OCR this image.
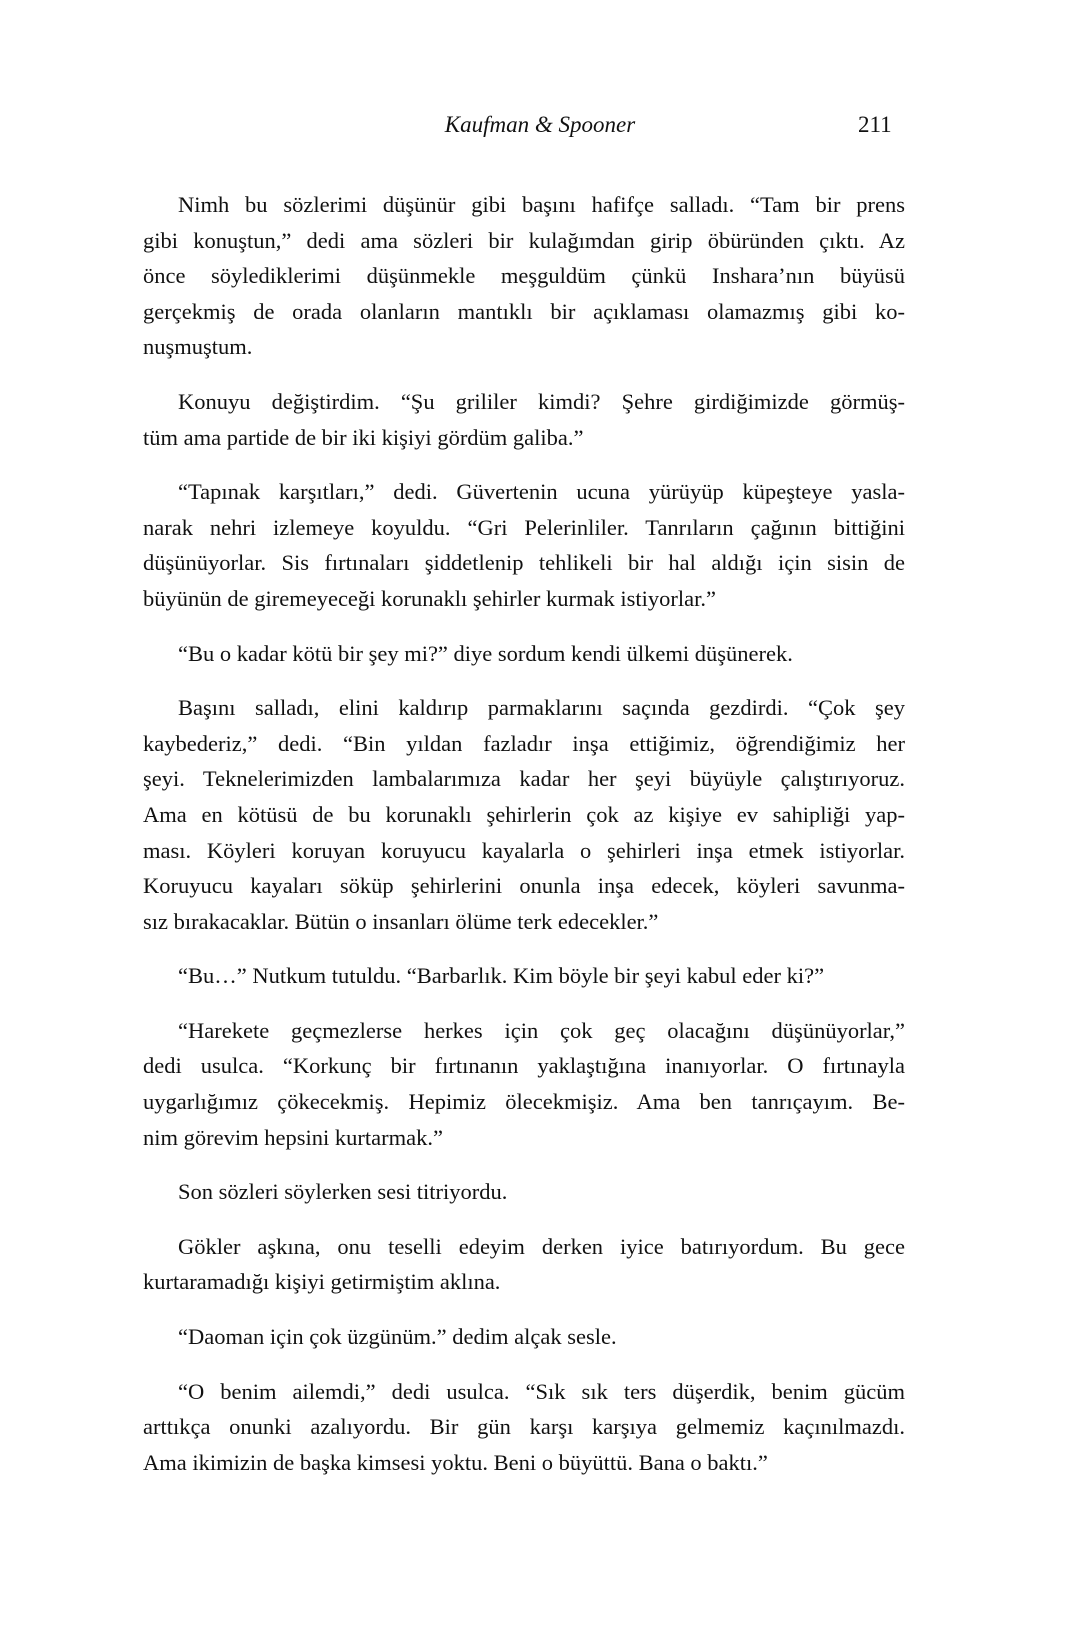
Kaufman & Spooner	211
Nimh bu sözlerimi düşünür gibi başını hafifçe salladı. “Tam bir prens
gibi konuştun,” dedi ama sözleri bir kulağımdan girip öbüründen çıktı. Az
önce söylediklerimi düşünmekle meşguldüm çünkü Inshara’nın büyüsü
gerçekmiş de orada olanların mantıklı bir açıklaması olamazmış gibi ko-
nuşmuştum.
Konuyu değiştirdim. “Şu grililer kimdi? Şehre girdiğimizde görmüş-
tüm ama partide de bir iki kişiyi gördüm galiba.”
“Tapınak karşıtları,” dedi. Güvertenin ucuna yürüyüp küpeşteye yasla-
narak nehri izlemeye koyuldu. “Gri Pelerinliler. Tanrıların çağının bittiğini
düşünüyorlar. Sis fırtınaları şiddetlenip tehlikeli bir hal aldığı için sisin de
büyünün de giremeyeceği korunaklı şehirler kurmak istiyorlar.”
“Bu o kadar kötü bir şey mi?” diye sordum kendi ülkemi düşünerek.
Başını salladı, elini kaldırıp parmaklarını saçında gezdirdi. “Çok şey
kaybederiz,” dedi. “Bin yıldan fazladır inşa ettiğimiz, öğrendiğimiz her
şeyi. Teknelerimizden lambalarımıza kadar her şeyi büyüyle çalıştırıyoruz.
Ama en kötüsü de bu korunaklı şehirlerin çok az kişiye ev sahipliği yap-
ması. Köyleri koruyan koruyucu kayalarla o şehirleri inşa etmek istiyorlar.
Koruyucu kayaları söküp şehirlerini onunla inşa edecek, köyleri savunma-
sız bırakacaklar. Bütün o insanları ölüme terk edecekler.”
“Bu…” Nutkum tutuldu. “Barbarlık. Kim böyle bir şeyi kabul eder ki?”
“Harekete geçmezlerse herkes için çok geç olacağını düşünüyorlar,”
dedi usulca. “Korkunç bir fırtınanın yaklaştığına inanıyorlar. O fırtınayla
uygarlığımız çökecekmiş. Hepimiz ölecekmişiz. Ama ben tanrıçayım. Be-
nim görevim hepsini kurtarmak.”
Son sözleri söylerken sesi titriyordu.
Gökler aşkına, onu teselli edeyim derken iyice batırıyordum. Bu gece
kurtaramadığı kişiyi getirmiştim aklına.
“Daoman için çok üzgünüm.” dedim alçak sesle.
“O benim ailemdi,” dedi usulca. “Sık sık ters düşerdik, benim gücüm
arttıkça onunki azalıyordu. Bir gün karşı karşıya gelmemiz kaçınılmazdı.
Ama ikimizin de başka kimsesi yoktu. Beni o büyüttü. Bana o baktı.”
